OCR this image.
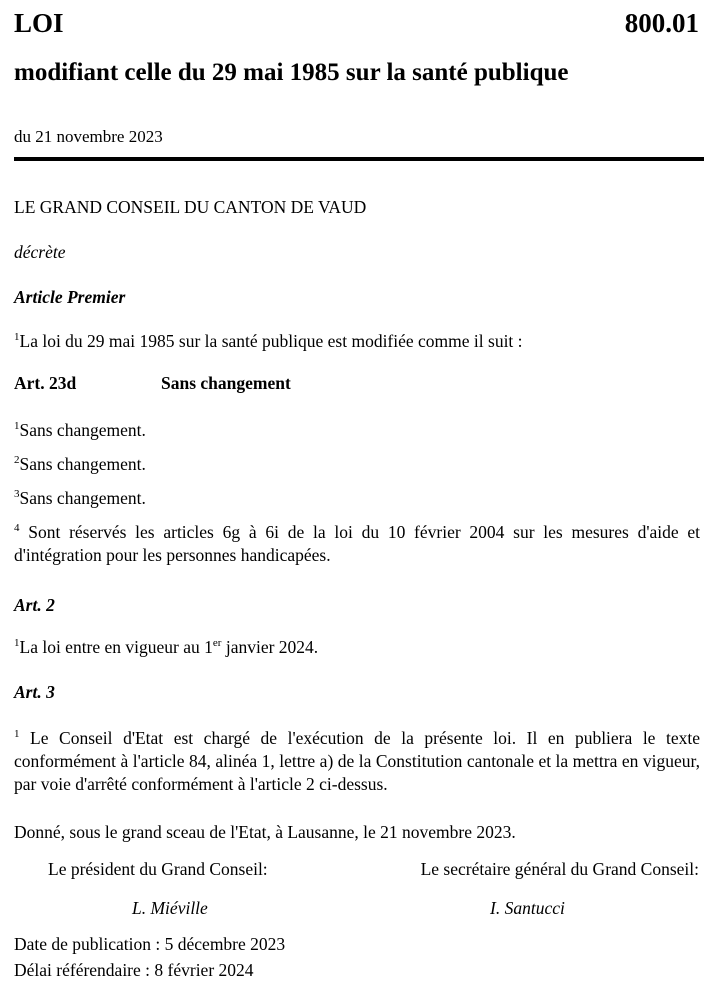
LOI	800.01
modifiant celle du 29 mai 1985 sur la santé publique
du 21 novembre 2023
LE GRAND CONSEIL DU CANTON DE VAUD
décrète
Article Premier
$^1$La loi du 29 mai 1985 sur la santé publique est modifiée comme il suit :
Art. 23d	Sans changement
$^1$Sans changement.
$^2$Sans changement.
$^3$Sans changement.
$^4$ Sont réservés les articles 6g à 6i de la loi du 10 février 2004 sur les mesures d'aide et d'intégration pour les personnes handicapées.
Art. 2
$^1$La loi entre en vigueur au 1er janvier 2024.
Art. 3
$^1$ Le Conseil d'Etat est chargé de l'exécution de la présente loi. Il en publiera le texte conformément à l'article 84, alinéa 1, lettre a) de la Constitution cantonale et la mettra en vigueur, par voie d'arrêté conformément à l'article 2 ci-dessus.
Donné, sous le grand sceau de l'Etat, à Lausanne, le 21 novembre 2023.
Le président du Grand Conseil:	Le secrétaire général du Grand Conseil:
L. Miéville	I. Santucci
Date de publication : 5 décembre 2023
Délai référendaire : 8 février 2024
